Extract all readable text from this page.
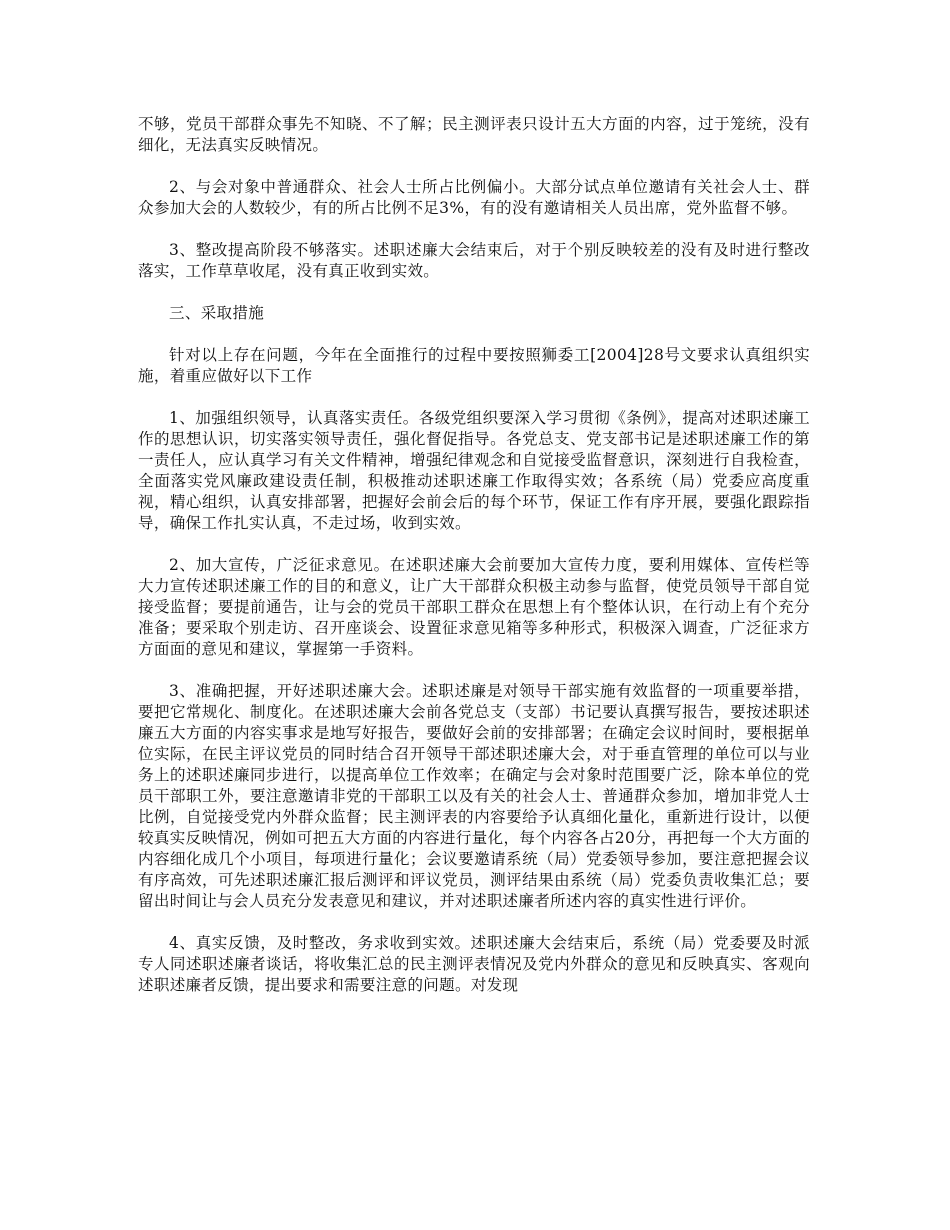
不够，党员干部群众事先不知晓、不了解；民主测评表只设计五大方面的内容，过于笼统，没有细化，无法真实反映情况。

2、与会对象中普通群众、社会人士所占比例偏小。大部分试点单位邀请有关社会人士、群众参加大会的人数较少，有的所占比例不足3%，有的没有邀请相关人员出席，党外监督不够。

3、整改提高阶段不够落实。述职述廉大会结束后，对于个别反映较差的没有及时进行整改落实，工作草草收尾，没有真正收到实效。

三、采取措施

针对以上存在问题，今年在全面推行的过程中要按照狮委工[2004]28号文要求认真组织实施，着重应做好以下工作

1、加强组织领导，认真落实责任。各级党组织要深入学习贯彻《条例》，提高对述职述廉工作的思想认识，切实落实领导责任，强化督促指导。各党总支、党支部书记是述职述廉工作的第一责任人，应认真学习有关文件精神，增强纪律观念和自觉接受监督意识，深刻进行自我检查，全面落实党风廉政建设责任制，积极推动述职述廉工作取得实效；各系统（局）党委应高度重视，精心组织，认真安排部署，把握好会前会后的每个环节，保证工作有序开展，要强化跟踪指导，确保工作扎实认真，不走过场，收到实效。

2、加大宣传，广泛征求意见。在述职述廉大会前要加大宣传力度，要利用媒体、宣传栏等大力宣传述职述廉工作的目的和意义，让广大干部群众积极主动参与监督，使党员领导干部自觉接受监督；要提前通告，让与会的党员干部职工群众在思想上有个整体认识，在行动上有个充分准备；要采取个别走访、召开座谈会、设置征求意见箱等多种形式，积极深入调查，广泛征求方方面面的意见和建议，掌握第一手资料。

3、准确把握，开好述职述廉大会。述职述廉是对领导干部实施有效监督的一项重要举措，要把它常规化、制度化。在述职述廉大会前各党总支（支部）书记要认真撰写报告，要按述职述廉五大方面的内容实事求是地写好报告，要做好会前的安排部署；在确定会议时间时，要根据单位实际，在民主评议党员的同时结合召开领导干部述职述廉大会，对于垂直管理的单位可以与业务上的述职述廉同步进行，以提高单位工作效率；在确定与会对象时范围要广泛，除本单位的党员干部职工外，要注意邀请非党的干部职工以及有关的社会人士、普通群众参加，增加非党人士比例，自觉接受党内外群众监督；民主测评表的内容要给予认真细化量化，重新进行设计，以便较真实反映情况，例如可把五大方面的内容进行量化，每个内容各占20分，再把每一个大方面的内容细化成几个小项目，每项进行量化；会议要邀请系统（局）党委领导参加，要注意把握会议有序高效，可先述职述廉汇报后测评和评议党员，测评结果由系统（局）党委负责收集汇总；要留出时间让与会人员充分发表意见和建议，并对述职述廉者所述内容的真实性进行评价。

4、真实反馈，及时整改，务求收到实效。述职述廉大会结束后，系统（局）党委要及时派专人同述职述廉者谈话，将收集汇总的民主测评表情况及党内外群众的意见和反映真实、客观向述职述廉者反馈，提出要求和需要注意的问题。对发现
